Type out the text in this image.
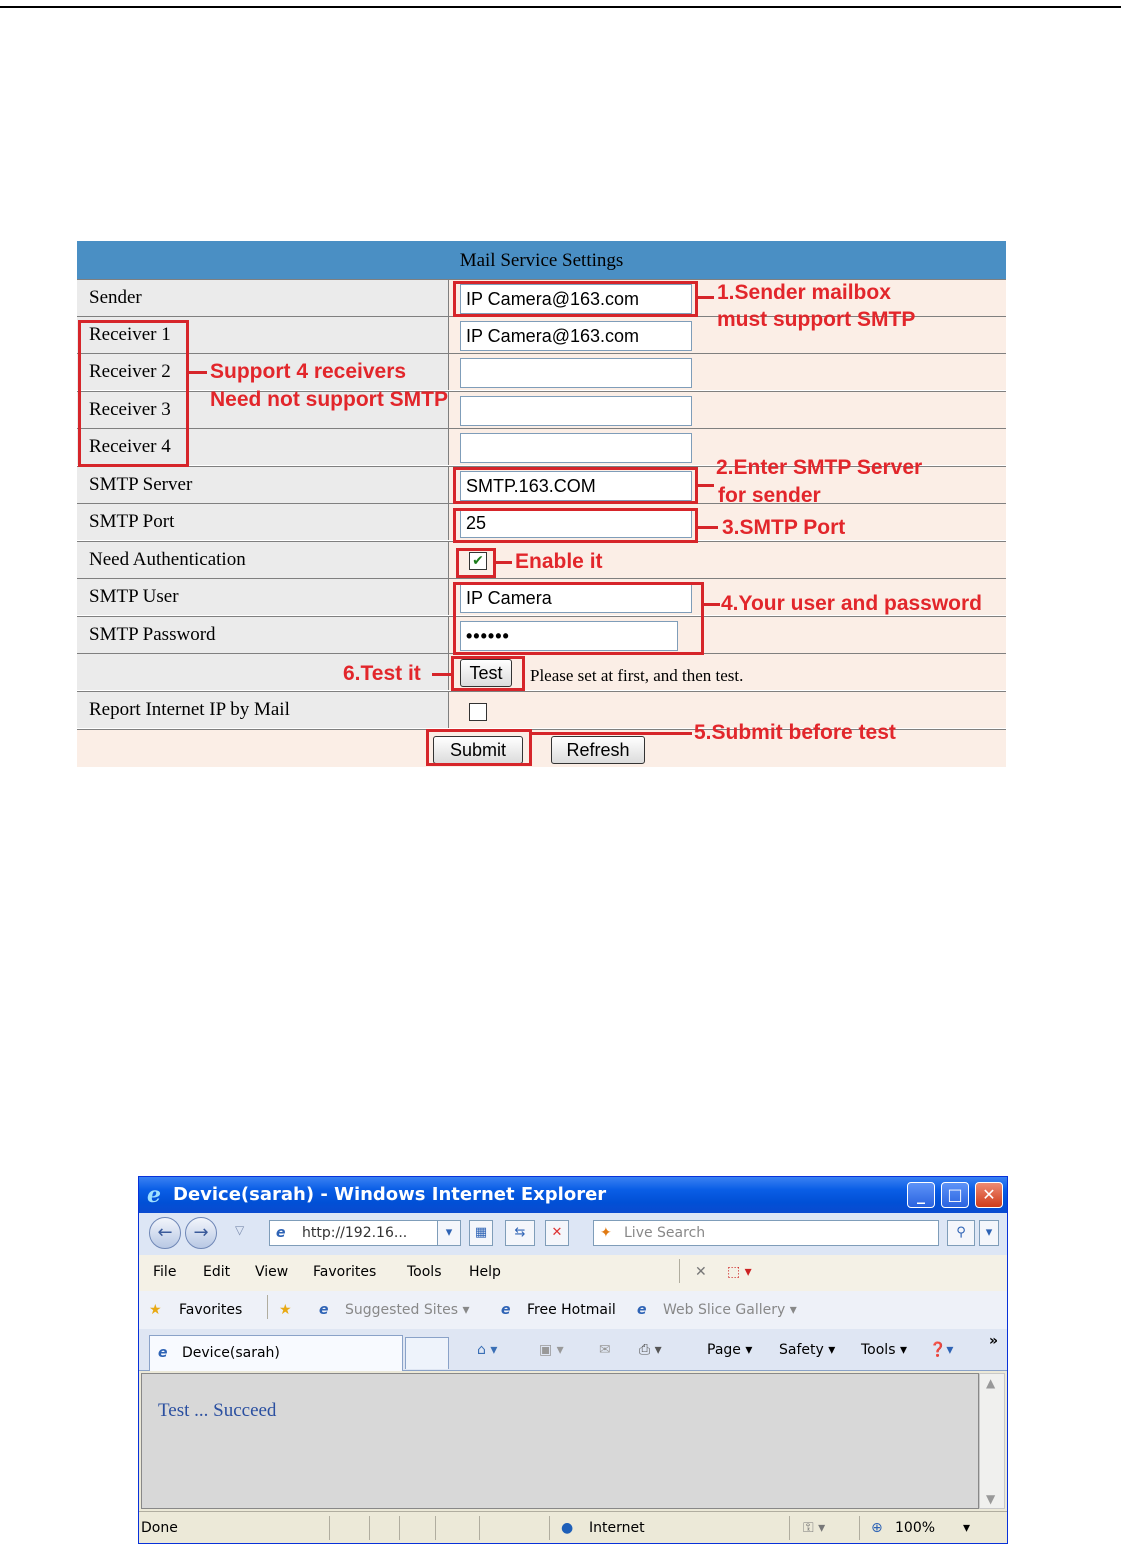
Mail Service Settings
Sender	IP Camera@163.com
Receiver 1	IP Camera@163.com
Receiver 2
Receiver 3
Receiver 4
SMTP Server	SMTP.163.COM
SMTP Port	25
Need Authentication	✔
SMTP User	IP Camera
SMTP Password	••••••
Test	Please set at first, and then test.
Report Internet IP by Mail
Submit	Refresh
1.Sender mailbox
must support SMTP
Support 4 receivers
Need not support SMTP
2.Enter SMTP Server
for sender
3.SMTP Port
Enable it
4.Your user and password
6.Test it
5.Submit before test
e Device(sarah) - Windows Internet Explorer	_	□	✕
←	→	▽ e http://192.16...	▾	▦	⇆	✕	✦ Live Search	⚲	▾
File Edit View Favorites Tools Help	✕ ⬚ ▾
★ Favorites	★ e Suggested Sites ▾ e Free Hotmail e Web Slice Gallery ▾
e Device(sarah)	⌂ ▾	▣ ▾	✉ ⎙ ▾	Page ▾ Safety ▾ Tools ▾ ❓▾
»
Test ... Succeed
▲
▼
Done	● Internet	⚿ ▾	⊕ 100% ▾
